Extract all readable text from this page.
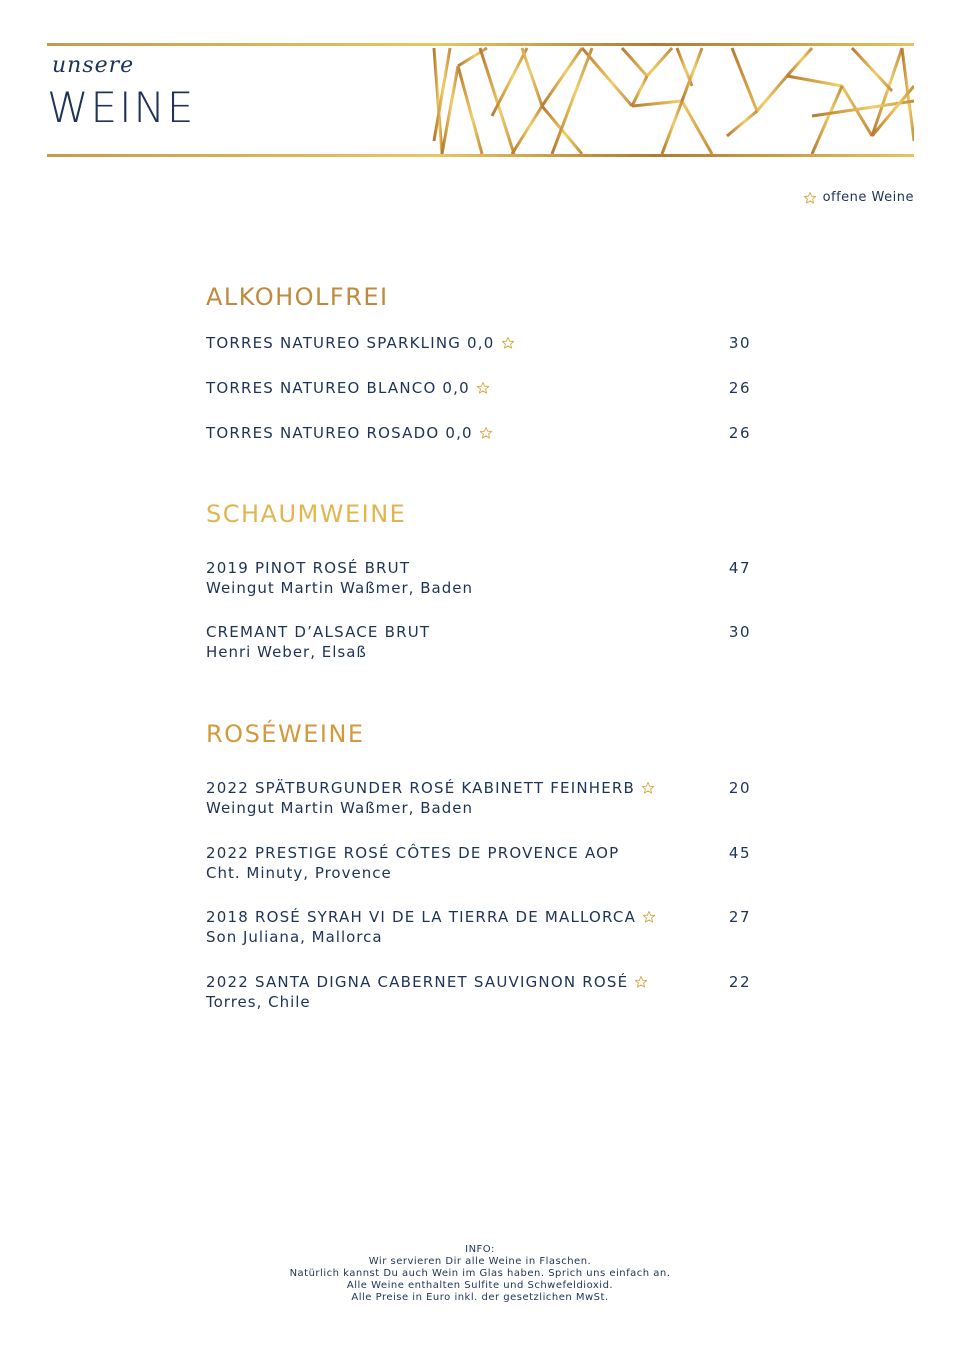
unsere
WEINE
offene Weine
ALKOHOLFREI
TORRES NATUREO SPARKLING 0,0	30
TORRES NATUREO BLANCO 0,0	26
TORRES NATUREO ROSADO 0,0	26
SCHAUMWEINE
2019 PINOT ROSÉ BRUT
Weingut Martin Waßmer, Baden
47
CREMANT D’ALSACE BRUT
Henri Weber, Elsaß
30
ROSÉWEINE
2022 SPÄTBURGUNDER ROSÉ KABINETT FEINHERB
Weingut Martin Waßmer, Baden
20
2022 PRESTIGE ROSÉ CÔTES DE PROVENCE AOP
Cht. Minuty, Provence
45
2018 ROSÉ SYRAH VI DE LA TIERRA DE MALLORCA
Son Juliana, Mallorca
27
2022 SANTA DIGNA CABERNET SAUVIGNON ROSÉ
Torres, Chile
22
INFO:
Wir servieren Dir alle Weine in Flaschen.
Natürlich kannst Du auch Wein im Glas haben. Sprich uns einfach an.
Alle Weine enthalten Sulfite und Schwefeldioxid.
Alle Preise in Euro inkl. der gesetzlichen MwSt.
